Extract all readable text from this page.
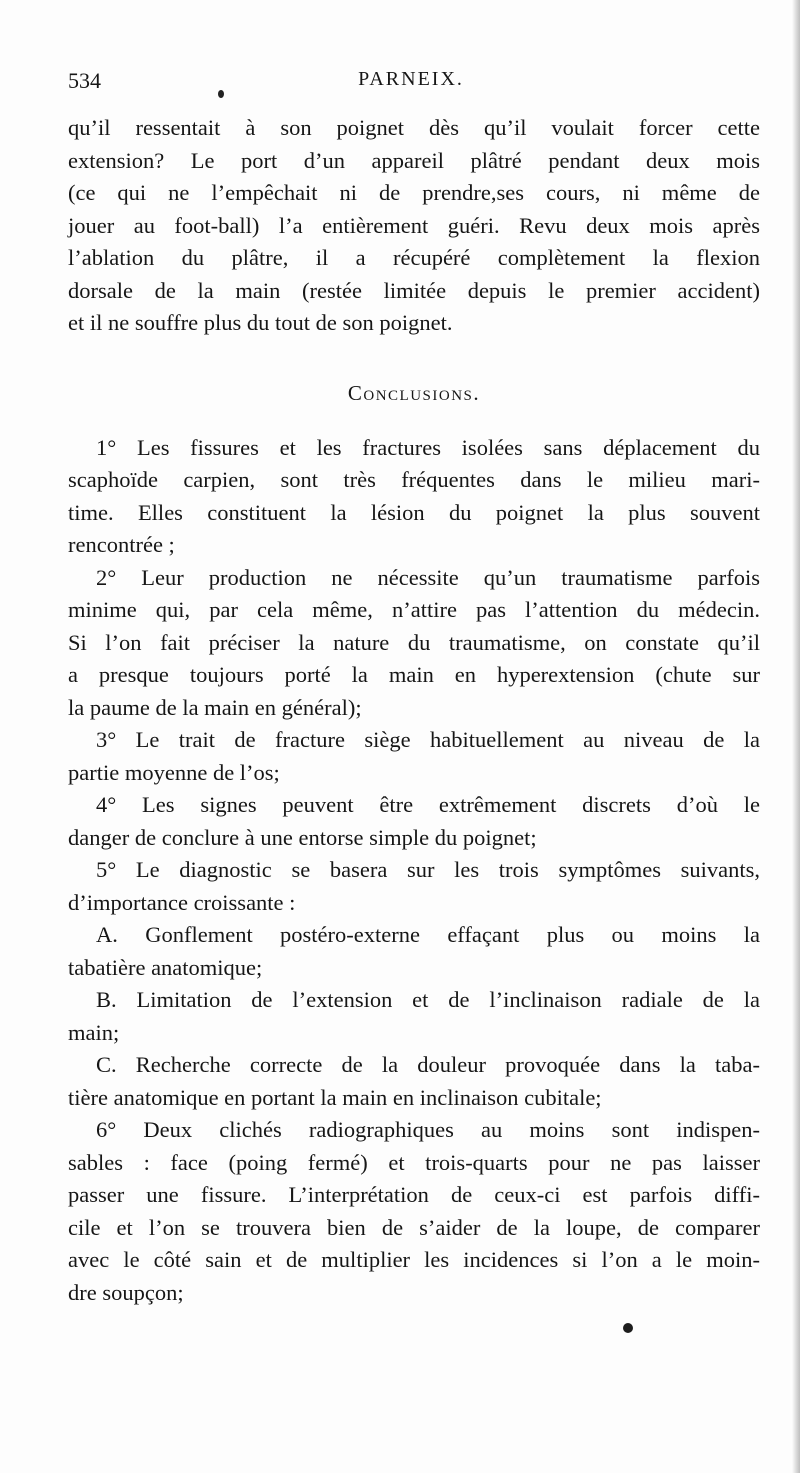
534	PARNEIX.
qu’il ressentait à son poignet dès qu’il voulait forcer cette
extension? Le port d’un appareil plâtré pendant deux mois
(ce qui ne l’empêchait ni de prendre,ses cours, ni même de
jouer au foot-ball) l’a entièrement guéri. Revu deux mois après
l’ablation du plâtre, il a récupéré complètement la flexion
dorsale de la main (restée limitée depuis le premier accident)
et il ne souffre plus du tout de son poignet.
Conclusions.
1° Les fissures et les fractures isolées sans déplacement du
scaphoïde carpien, sont très fréquentes dans le milieu mari-
time. Elles constituent la lésion du poignet la plus souvent
rencontrée ;
2° Leur production ne nécessite qu’un traumatisme parfois
minime qui, par cela même, n’attire pas l’attention du médecin.
Si l’on fait préciser la nature du traumatisme, on constate qu’il
a presque toujours porté la main en hyperextension (chute sur
la paume de la main en général);
3° Le trait de fracture siège habituellement au niveau de la
partie moyenne de l’os;
4° Les signes peuvent être extrêmement discrets d’où le
danger de conclure à une entorse simple du poignet;
5° Le diagnostic se basera sur les trois symptômes suivants,
d’importance croissante :
A. Gonflement postéro-externe effaçant plus ou moins la
tabatière anatomique;
B. Limitation de l’extension et de l’inclinaison radiale de la
main;
C. Recherche correcte de la douleur provoquée dans la taba-
tière anatomique en portant la main en inclinaison cubitale;
6° Deux clichés radiographiques au moins sont indispen-
sables : face (poing fermé) et trois-quarts pour ne pas laisser
passer une fissure. L’interprétation de ceux-ci est parfois diffi-
cile et l’on se trouvera bien de s’aider de la loupe, de comparer
avec le côté sain et de multiplier les incidences si l’on a le moin-
dre soupçon;
